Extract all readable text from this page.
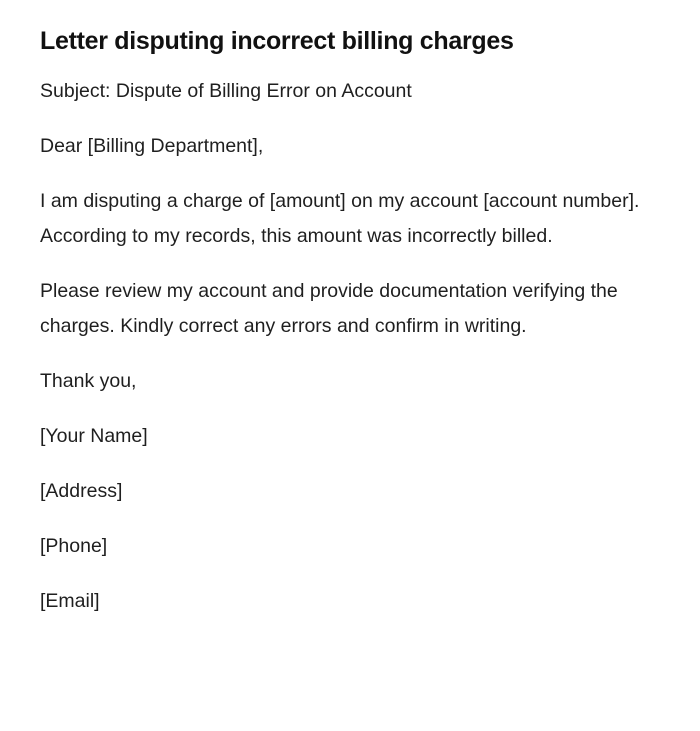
Letter disputing incorrect billing charges

Subject: Dispute of Billing Error on Account

Dear [Billing Department],

I am disputing a charge of [amount] on my account [account number]. According to my records, this amount was incorrectly billed.

Please review my account and provide documentation verifying the charges. Kindly correct any errors and confirm in writing.

Thank you,

[Your Name]

[Address]

[Phone]

[Email]
